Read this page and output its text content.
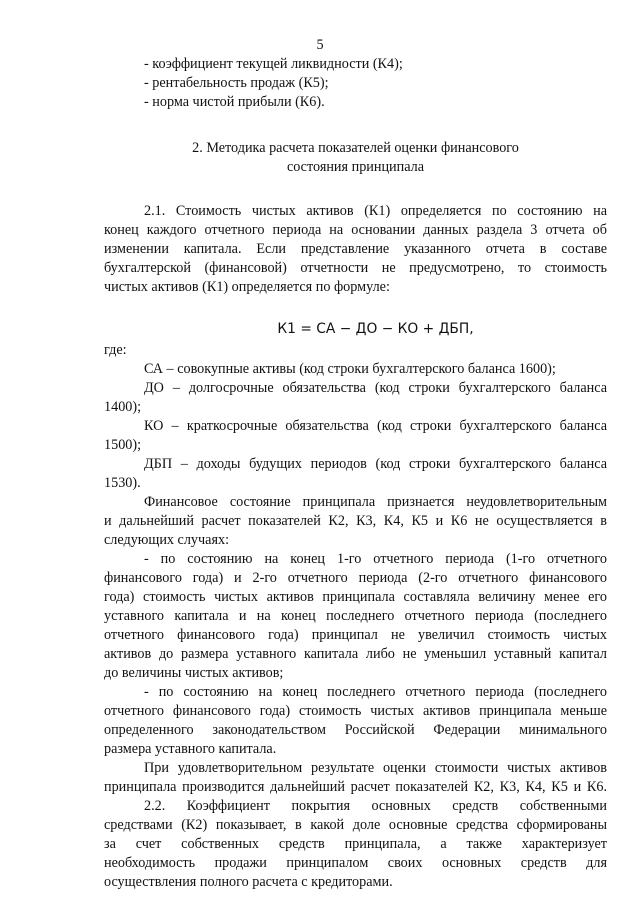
5

- коэффициент текущей ликвидности (К4);

- рентабельность продаж (К5);

- норма чистой прибыли (К6).

2. Методика расчета показателей оценки финансового

состояния принципала

2.1. Стоимость чистых активов (К1) определяется по состоянию на

конец каждого отчетного периода на основании данных раздела 3 отчета об

изменении капитала. Если представление указанного отчета в составе

бухгалтерской (финансовой) отчетности не предусмотрено, то стоимость

чистых активов (К1) определяется по формуле:

К1 = СА − ДО − КО + ДБП,

где:

СА – совокупные активы (код строки бухгалтерского баланса 1600);

ДО – долгосрочные обязательства (код строки бухгалтерского баланса

1400);

КО – краткосрочные обязательства (код строки бухгалтерского баланса

1500);

ДБП – доходы будущих периодов (код строки бухгалтерского баланса

1530).

Финансовое состояние принципала признается неудовлетворительным

и дальнейший расчет показателей К2, К3, К4, К5 и К6 не осуществляется в

следующих случаях:

- по состоянию на конец 1-го отчетного периода (1-го отчетного

финансового года) и 2-го отчетного периода (2-го отчетного финансового

года) стоимость чистых активов принципала составляла величину менее его

уставного капитала и на конец последнего отчетного периода (последнего

отчетного финансового года) принципал не увеличил стоимость чистых

активов до размера уставного капитала либо не уменьшил уставный капитал

до величины чистых активов;

- по состоянию на конец последнего отчетного периода (последнего

отчетного финансового года) стоимость чистых активов принципала меньше

определенного законодательством Российской Федерации минимального

размера уставного капитала.

При удовлетворительном результате оценки стоимости чистых активов

принципала производится дальнейший расчет показателей К2, К3, К4, К5 и К6.

2.2. Коэффициент покрытия основных средств собственными

средствами (К2) показывает, в какой доле основные средства сформированы

за счет собственных средств принципала, а также характеризует

необходимость продажи принципалом своих основных средств для

осуществления полного расчета с кредиторами.
